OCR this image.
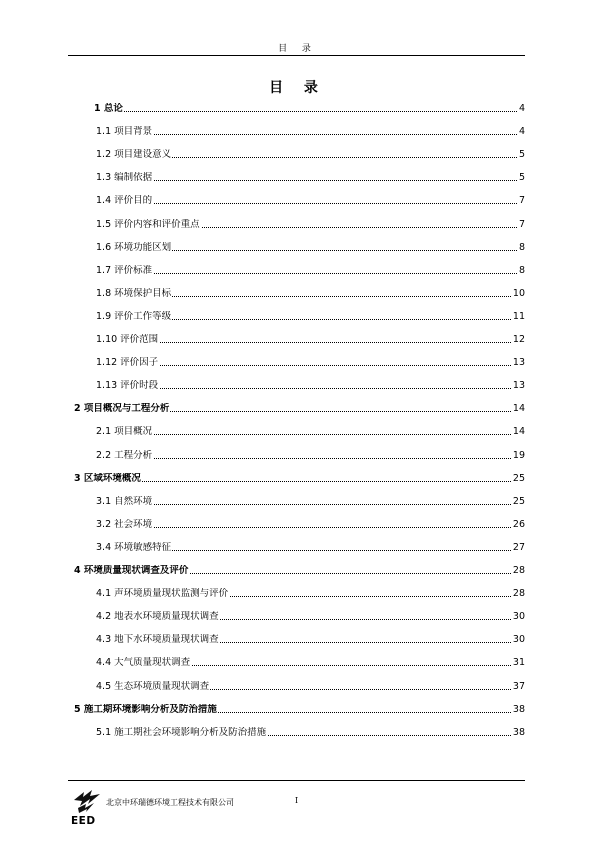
目 录
目 录
1 总论	4
1.1 项目背景	4
1.2 项目建设意义	5
1.3 编制依据	5
1.4 评价目的	7
1.5 评价内容和评价重点	7
1.6 环境功能区划	8
1.7 评价标准	8
1.8 环境保护目标	10
1.9 评价工作等级	11
1.10 评价范围	12
1.12 评价因子	13
1.13 评价时段	13
2 项目概况与工程分析	14
2.1 项目概况	14
2.2 工程分析	19
3 区域环境概况	25
3.1 自然环境	25
3.2 社会环境	26
3.4 环境敏感特征	27
4 环境质量现状调查及评价	28
4.1 声环境质量现状监测与评价	28
4.2 地表水环境质量现状调查	30
4.3 地下水环境质量现状调查	30
4.4 大气质量现状调查	31
4.5 生态环境质量现状调查	37
5 施工期环境影响分析及防治措施	38
5.1 施工期社会环境影响分析及防治措施	38
EED
北京中环瑞德环境工程技术有限公司	I
